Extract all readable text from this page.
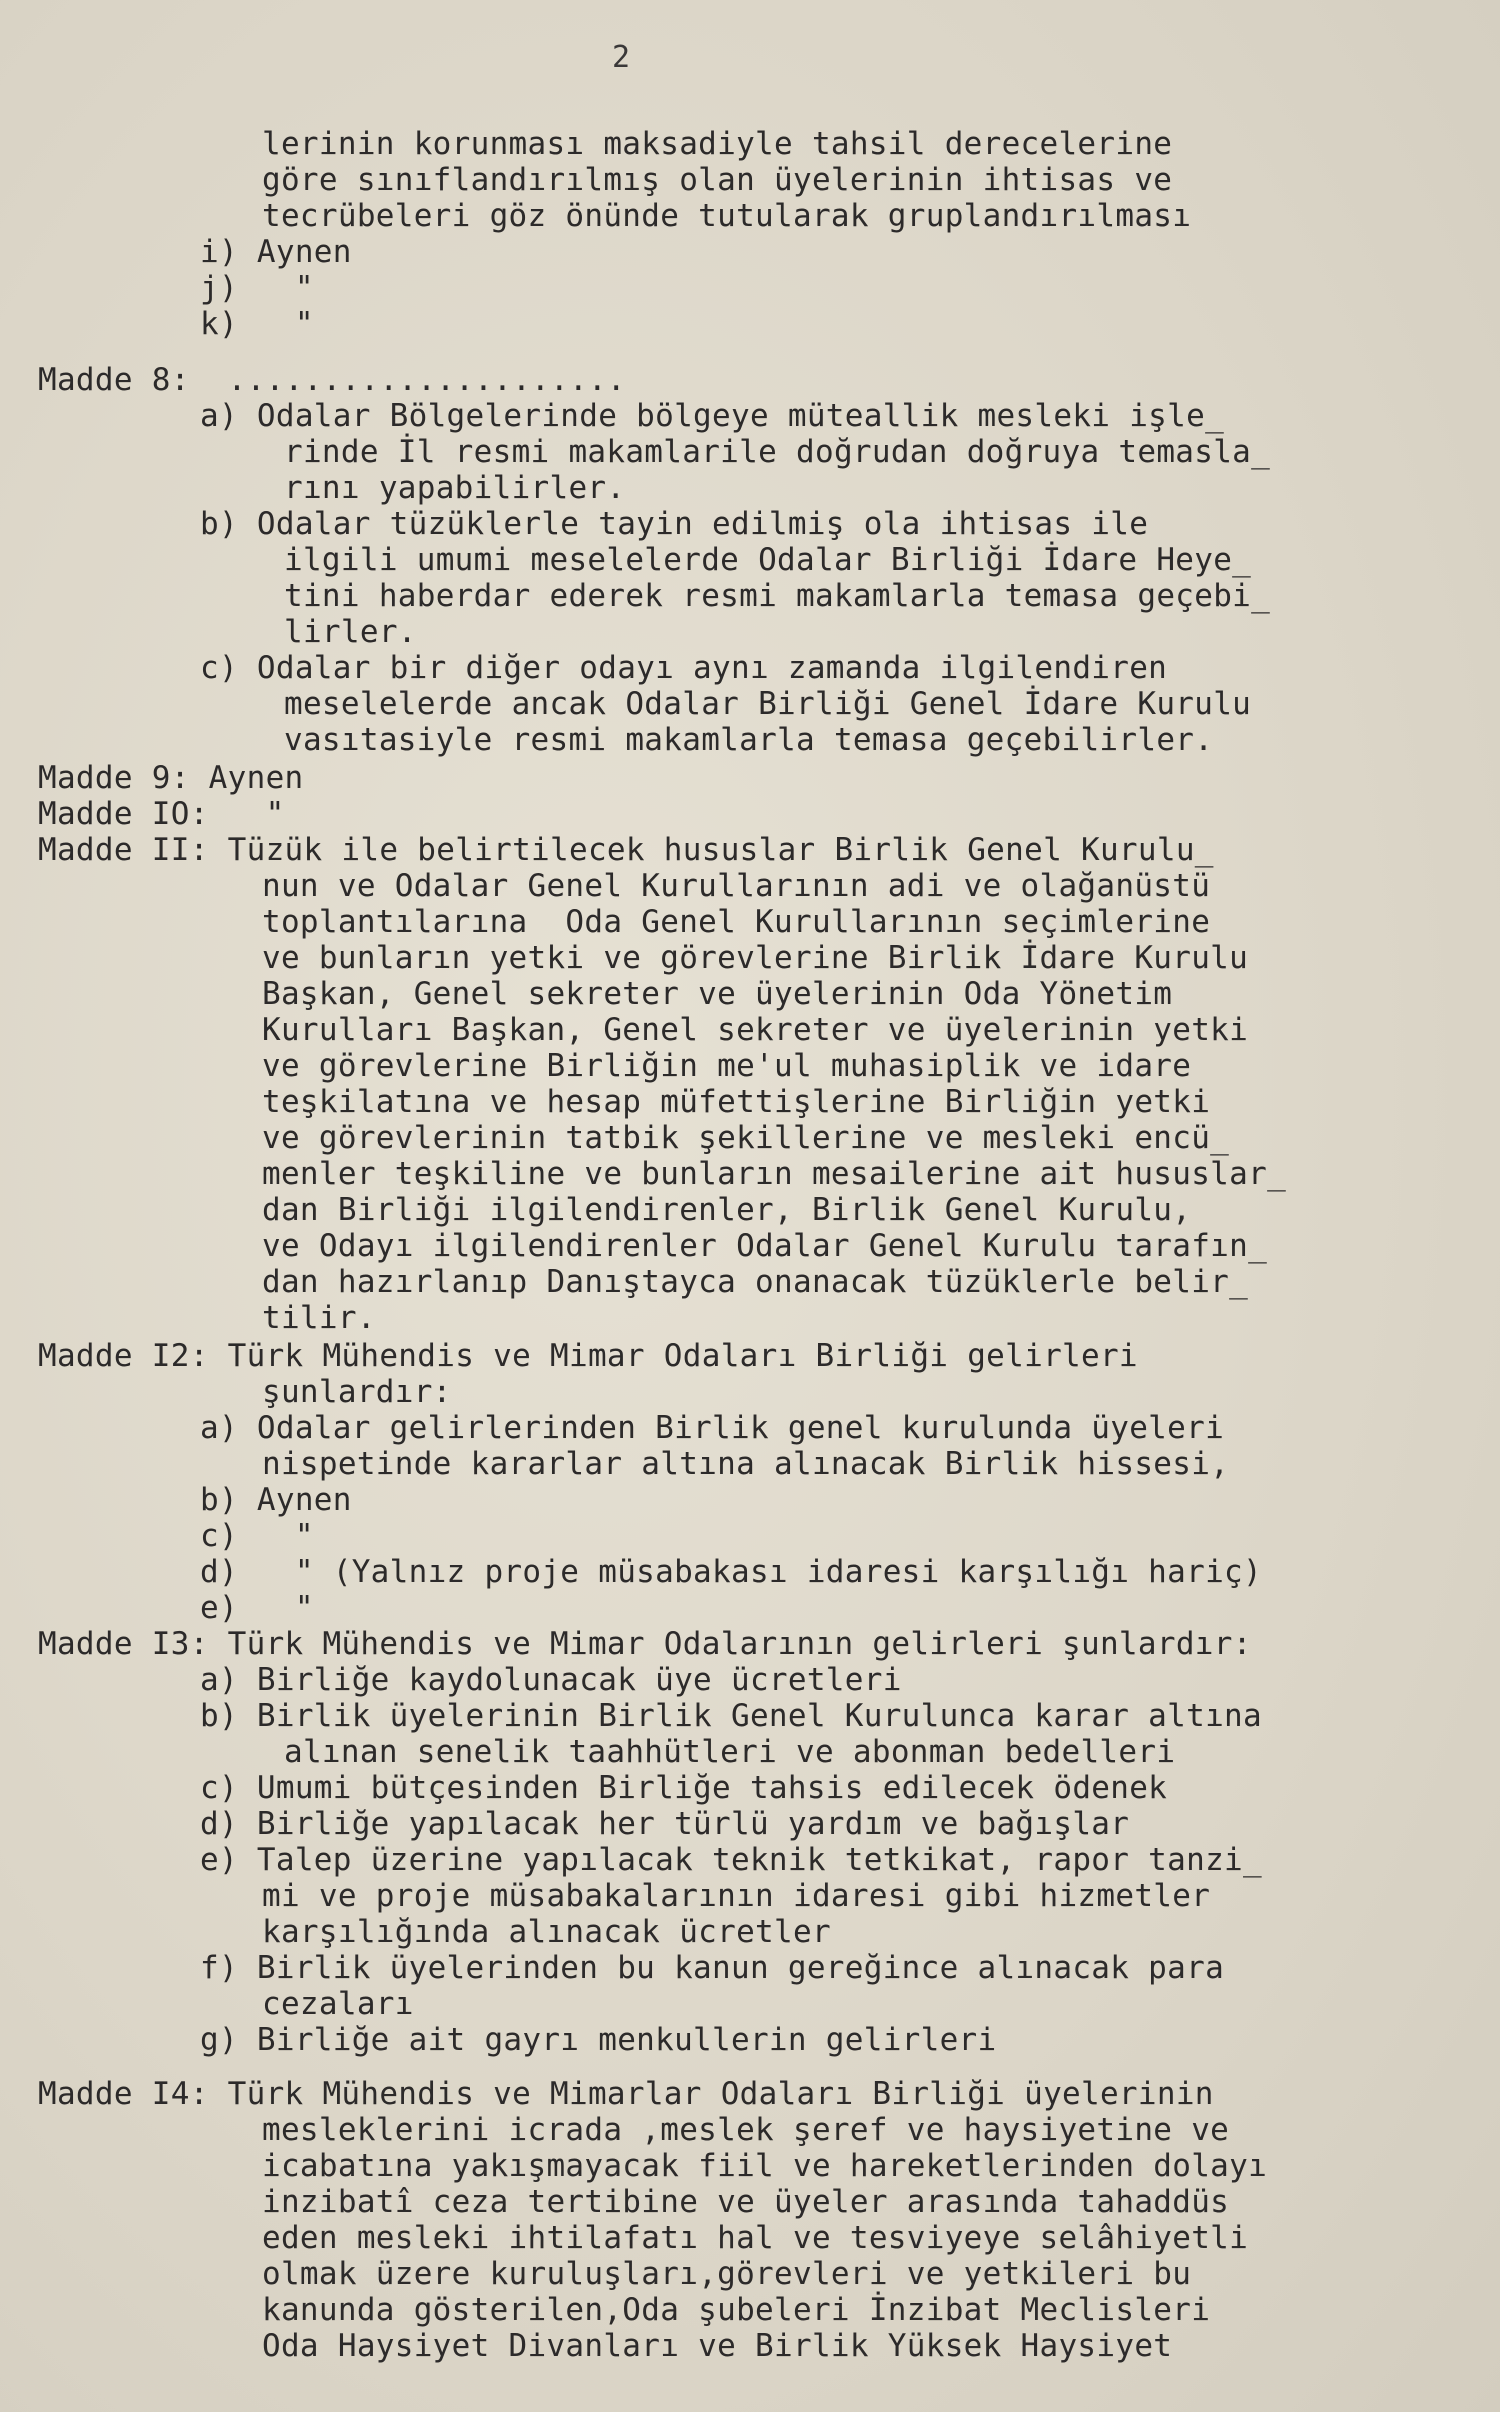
2
lerinin korunması maksadiyle tahsil derecelerine
göre sınıflandırılmış olan üyelerinin ihtisas ve
tecrübeleri göz önünde tutularak gruplandırılması
i) Aynen
j)   "
k)   "
Madde 8:  .....................
a) Odalar Bölgelerinde bölgeye müteallik mesleki işle_
rinde İl resmi makamlarile doğrudan doğruya temasla_
rını yapabilirler.
b) Odalar tüzüklerle tayin edilmiş ola ihtisas ile
ilgili umumi meselelerde Odalar Birliği İdare Heye_
tini haberdar ederek resmi makamlarla temasa geçebi_
lirler.
c) Odalar bir diğer odayı aynı zamanda ilgilendiren
meselelerde ancak Odalar Birliği Genel İdare Kurulu
vasıtasiyle resmi makamlarla temasa geçebilirler.
Madde 9: Aynen
Madde IO:   "
Madde II: Tüzük ile belirtilecek hususlar Birlik Genel Kurulu_
nun ve Odalar Genel Kurullarının adi ve olağanüstü
toplantılarına  Oda Genel Kurullarının seçimlerine
ve bunların yetki ve görevlerine Birlik İdare Kurulu
Başkan, Genel sekreter ve üyelerinin Oda Yönetim
Kurulları Başkan, Genel sekreter ve üyelerinin yetki
ve görevlerine Birliğin me'ul muhasiplik ve idare
teşkilatına ve hesap müfettişlerine Birliğin yetki
ve görevlerinin tatbik şekillerine ve mesleki encü_
menler teşkiline ve bunların mesailerine ait hususlar_
dan Birliği ilgilendirenler, Birlik Genel Kurulu,
ve Odayı ilgilendirenler Odalar Genel Kurulu tarafın_
dan hazırlanıp Danıştayca onanacak tüzüklerle belir_
tilir.
Madde I2: Türk Mühendis ve Mimar Odaları Birliği gelirleri
şunlardır:
a) Odalar gelirlerinden Birlik genel kurulunda üyeleri
nispetinde kararlar altına alınacak Birlik hissesi,
b) Aynen
c)   "
d)   " (Yalnız proje müsabakası idaresi karşılığı hariç)
e)   "
Madde I3: Türk Mühendis ve Mimar Odalarının gelirleri şunlardır:
a) Birliğe kaydolunacak üye ücretleri
b) Birlik üyelerinin Birlik Genel Kurulunca karar altına
alınan senelik taahhütleri ve abonman bedelleri
c) Umumi bütçesinden Birliğe tahsis edilecek ödenek
d) Birliğe yapılacak her türlü yardım ve bağışlar
e) Talep üzerine yapılacak teknik tetkikat, rapor tanzi_
mi ve proje müsabakalarının idaresi gibi hizmetler
karşılığında alınacak ücretler
f) Birlik üyelerinden bu kanun gereğince alınacak para
cezaları
g) Birliğe ait gayrı menkullerin gelirleri
Madde I4: Türk Mühendis ve Mimarlar Odaları Birliği üyelerinin
mesleklerini icrada ,meslek şeref ve haysiyetine ve
icabatına yakışmayacak fiil ve hareketlerinden dolayı
inzibatî ceza tertibine ve üyeler arasında tahaddüs
eden mesleki ihtilafatı hal ve tesviyeye selâhiyetli
olmak üzere kuruluşları,görevleri ve yetkileri bu
kanunda gösterilen,Oda şubeleri İnzibat Meclisleri
Oda Haysiyet Divanları ve Birlik Yüksek Haysiyet
